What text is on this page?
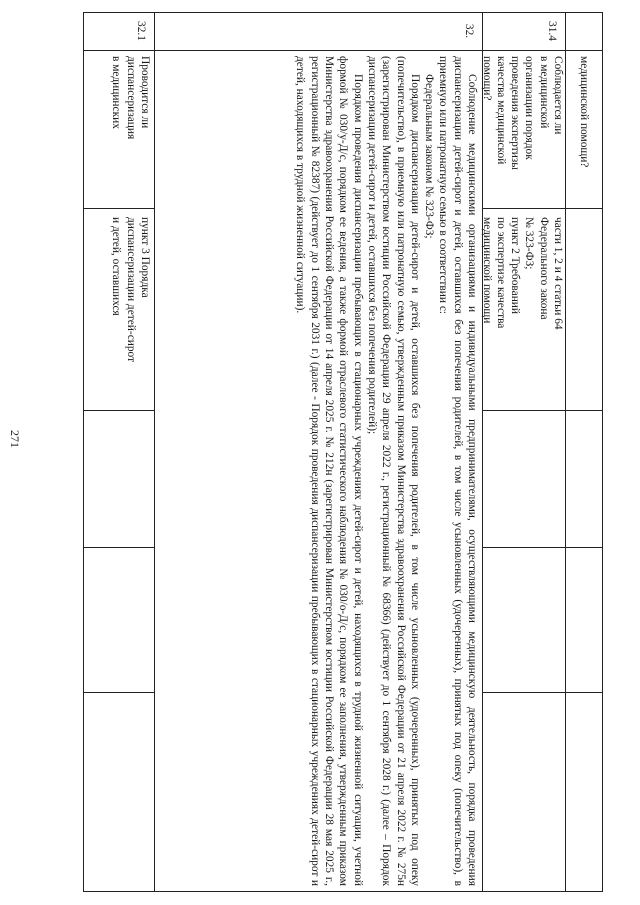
271
медицинской помощи?
31.4
Соблюдается ли
в медицинской
организации порядок
проведения экспертизы
качества медицинской
помощи?
части 1, 2 и 4 статьи 64
Федерального закона
№ 323-ФЗ;
пункт 2 Требований
по экспертизе качества
медицинской помощи
32.

Соблюдение медицинскими организациями и индивидуальными предпринимателями, осуществляющими медицинскую деятельность, порядка проведения диспансеризации детей-сирот и детей, оставшихся без попечения родителей, в том числе усыновленных (удочеренных), принятых под опеку (попечительство), в приемную или патронатную семью в соответствии с:

Федеральным законом № 323-ФЗ;

Порядком диспансеризации детей-сирот и детей, оставшихся без попечения родителей, в том числе усыновленных (удочеренных), принятых под опеку (попечительство), в приемную или патронатную семью, утвержденным приказом Министерства здравоохранения Российской Федерации от 21 апреля 2022 г. № 275н (зарегистрирован Министерством юстиции Российской Федерации 29 апреля 2022 г., регистрационный № 68366) (действует до 1 сентября 2028 г.) (далее – Порядок диспансеризации детей-сирот и детей, оставшихся без попечения родителей);

Порядком проведения диспансеризации пребывающих в стационарных учреждениях детей-сирот и детей, находящихся в трудной жизненной ситуации, учетной формой № 030/у-Д/с, порядком ее ведения, а также формой отраслевого статистического наблюдения № 030/о-Д/с, порядком ее заполнения, утвержденным приказом Министерства здравоохранения Российской Федерации от 14 апреля 2025 г. № 212н (зарегистрирован Министерством юстиции Российской Федерации 28 мая 2025 г., регистрационный № 82387) (действует до 1 сентября 2031 г.) (далее - Порядок проведения диспансеризации пребывающих в стационарных учреждениях детей-сирот и детей, находящихся в трудной жизненной ситуации).

32.1
Проводится ли
диспансеризация
в медицинских
пункт 3 Порядка
диспансеризации детей-сирот
и детей, оставшихся
